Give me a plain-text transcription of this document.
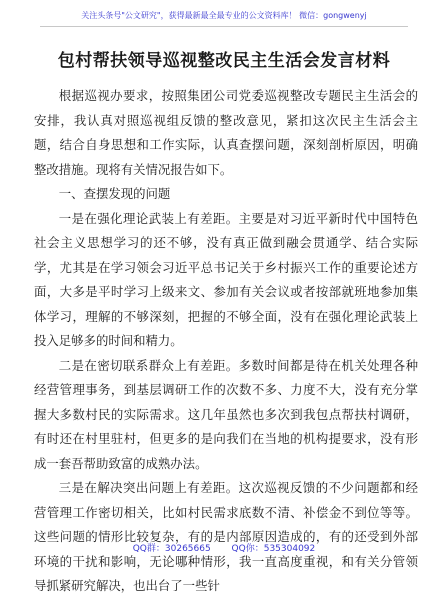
关注头条号"公文研究"，获得最新最全最专业的公文资料库！ 微信：gongwenyj
包村帮扶领导巡视整改民主生活会发言材料

根据巡视办要求，按照集团公司党委巡视整改专题民主生活会的安排，我认真对照巡视组反馈的整改意见，紧扣这次民主生活会主题，结合自身思想和工作实际，认真查摆问题，深刻剖析原因，明确整改措施。现将有关情况报告如下。

一、查摆发现的问题

一是在强化理论武装上有差距。主要是对习近平新时代中国特色社会主义思想学习的还不够，没有真正做到融会贯通学、结合实际学，尤其是在学习领会习近平总书记关于乡村振兴工作的重要论述方面，大多是平时学习上级来文、参加有关会议或者按部就班地参加集体学习，理解的不够深刻，把握的不够全面，没有在强化理论武装上投入足够多的时间和精力。

二是在密切联系群众上有差距。多数时间都是待在机关处理各种经营管理事务，到基层调研工作的次数不多、力度不大，没有充分掌握大多数村民的实际需求。这几年虽然也多次到我包点帮扶村调研，有时还在村里驻村，但更多的是向我们在当地的机构提要求，没有形成一套吾帮助致富的成熟办法。

三是在解决突出问题上有差距。这次巡视反馈的不少问题都和经营管理工作密切相关，比如村民需求底数不清、补偿金不到位等等。这些问题的情形比较复杂，有的是内部原因造成的，有的还受到外部环境的干扰和影响，无论哪种情形，我一直高度重视，和有关分管领导抓紧研究解决，也出台了一些针

QQ群：30265665 QQ你：535304092
